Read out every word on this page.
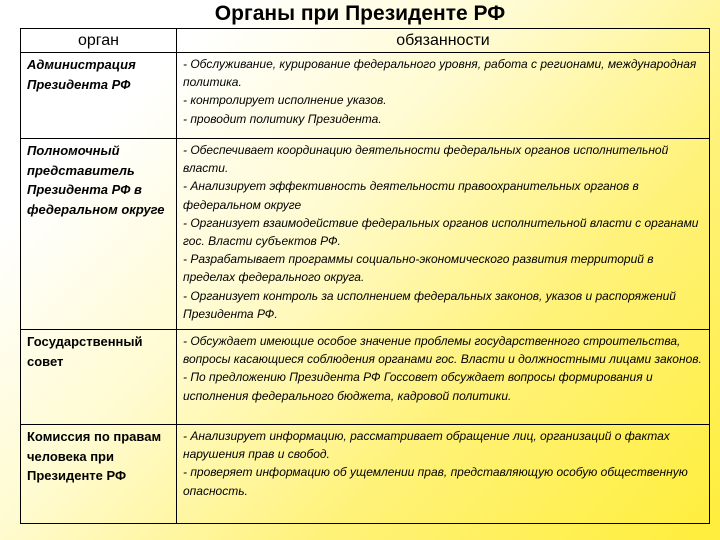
Органы при Президенте РФ
орган	обязанности
Администрация Президента РФ	- Обслуживание, курирование федерального уровня, работа с регионами, международная политика.
- контролирует исполнение указов.
- проводит политику Президента.

Полномочный представитель Президента РФ в федеральном округе	- Обеспечивает координацию деятельности федеральных органов исполнительной власти.
- Анализирует эффективность деятельности правоохранительных органов в федеральном округе
- Организует взаимодействие федеральных органов исполнительной власти с органами гос. Власти субъектов РФ.
- Разрабатывает программы социально-экономического развития территорий в пределах федерального округа.
- Организует контроль за исполнением федеральных законов, указов и распоряжений Президента РФ.

Государственный совет	- Обсуждает имеющие особое значение проблемы государственного строительства, вопросы касающиеся соблюдения органами гос. Власти и должностными лицами законов.
- По предложению Президента РФ Госсовет обсуждает вопросы формирования и исполнения федерального бюджета, кадровой политики.

Комиссия по правам человека при Президенте РФ	- Анализирует информацию, рассматривает обращение лиц, организаций о фактах нарушения прав и свобод.
- проверяет информацию об ущемлении прав, представляющую особую общественную опасность.
